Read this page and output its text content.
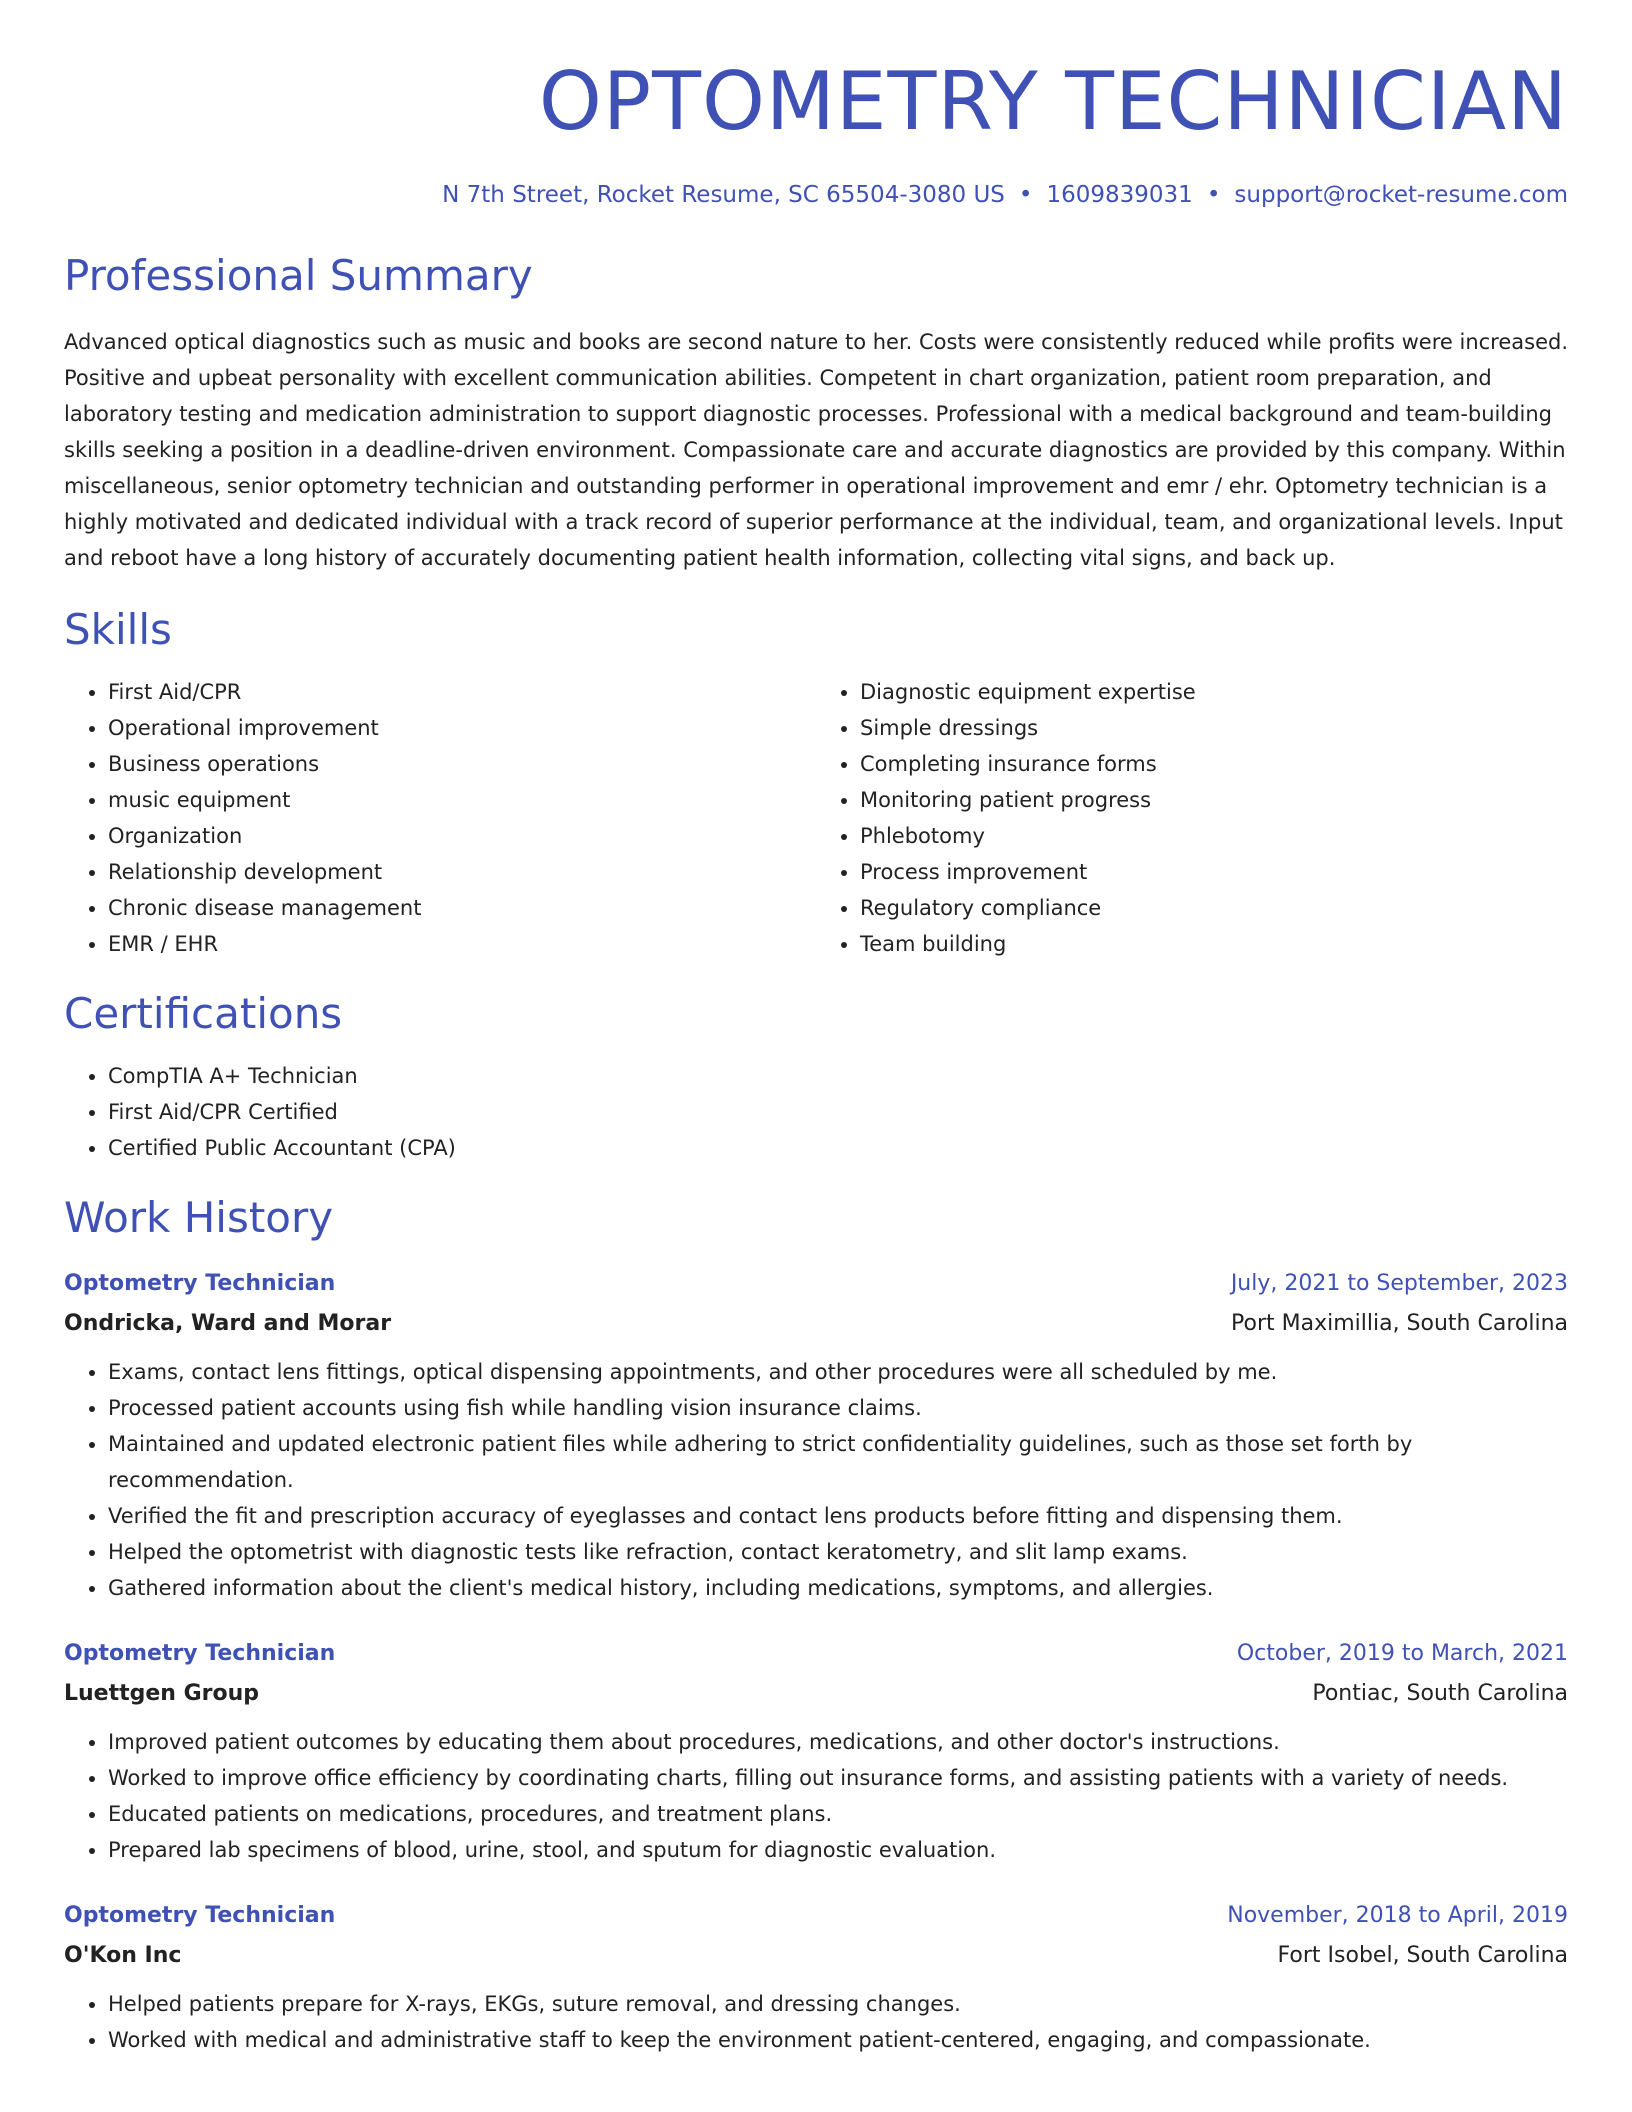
OPTOMETRY TECHNICIAN
N 7th Street, Rocket Resume, SC 65504-3080 US • 1609839031 • support@rocket-resume.com
Professional Summary
Advanced optical diagnostics such as music and books are second nature to her. Costs were consistently reduced while profits were increased. Positive and upbeat personality with excellent communication abilities. Competent in chart organization, patient room preparation, and laboratory testing and medication administration to support diagnostic processes. Professional with a medical background and team-building skills seeking a position in a deadline-driven environment. Compassionate care and accurate diagnostics are provided by this company. Within miscellaneous, senior optometry technician and outstanding performer in operational improvement and emr / ehr. Optometry technician is a highly motivated and dedicated individual with a track record of superior performance at the individual, team, and organizational levels. Input and reboot have a long history of accurately documenting patient health information, collecting vital signs, and back up.
Skills
• First Aid/CPR
• Operational improvement
• Business operations
• music equipment
• Organization
• Relationship development
• Chronic disease management
• EMR / EHR
• Diagnostic equipment expertise
• Simple dressings
• Completing insurance forms
• Monitoring patient progress
• Phlebotomy
• Process improvement
• Regulatory compliance
• Team building
Certifications
• CompTIA A+ Technician
• First Aid/CPR Certified
• Certified Public Accountant (CPA)
Work History
Optometry Technician	July, 2021 to September, 2023
Ondricka, Ward and Morar	Port Maximillia, South Carolina
• Exams, contact lens fittings, optical dispensing appointments, and other procedures were all scheduled by me.
• Processed patient accounts using fish while handling vision insurance claims.
• Maintained and updated electronic patient files while adhering to strict confidentiality guidelines, such as those set forth by recommendation.
• Verified the fit and prescription accuracy of eyeglasses and contact lens products before fitting and dispensing them.
• Helped the optometrist with diagnostic tests like refraction, contact keratometry, and slit lamp exams.
• Gathered information about the client's medical history, including medications, symptoms, and allergies.
Optometry Technician	October, 2019 to March, 2021
Luettgen Group	Pontiac, South Carolina
• Improved patient outcomes by educating them about procedures, medications, and other doctor's instructions.
• Worked to improve office efficiency by coordinating charts, filling out insurance forms, and assisting patients with a variety of needs.
• Educated patients on medications, procedures, and treatment plans.
• Prepared lab specimens of blood, urine, stool, and sputum for diagnostic evaluation.
Optometry Technician	November, 2018 to April, 2019
O'Kon Inc	Fort Isobel, South Carolina
• Helped patients prepare for X-rays, EKGs, suture removal, and dressing changes.
• Worked with medical and administrative staff to keep the environment patient-centered, engaging, and compassionate.
